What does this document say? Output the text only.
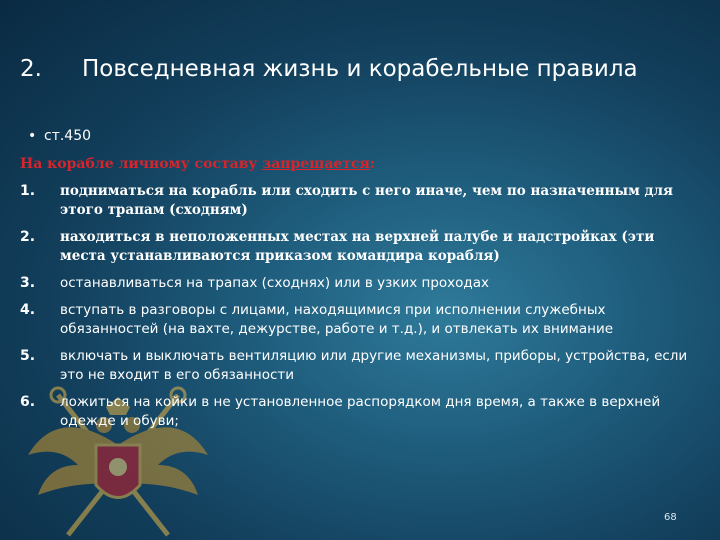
2. Повседневная жизнь и корабельные правила
• ст.450
На корабле личному составу запрещается:
1.	подниматься на корабль или сходить с него иначе, чем по назначенным для этого трапам (сходням)
2.	находиться в неположенных местах на верхней палубе и надстройках (эти места устанавливаются приказом командира корабля)
3.	останавливаться на трапах (сходнях) или в узких проходах
4.	вступать в разговоры с лицами, находящимися при исполнении служебных обязанностей (на вахте, дежурстве, работе и т.д.), и отвлекать их внимание
5.	включать и выключать вентиляцию или другие механизмы, приборы, устройства, если это не входит в его обязанности
6.	ложиться на койки в не установленное распорядком дня время, а также в верхней одежде и обуви;
68
